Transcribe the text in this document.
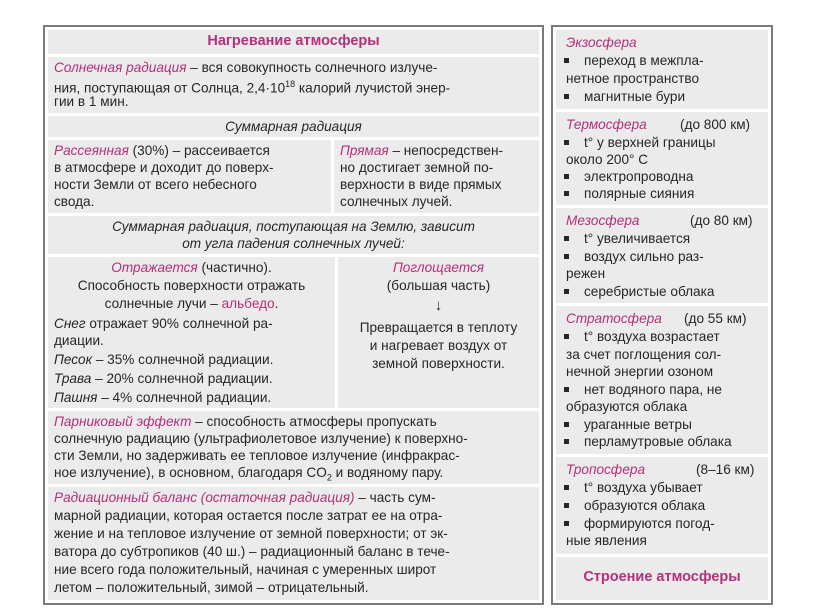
Нагревание атмосферы
Солнечная радиация – вся совокупность солнечного излуче-
ния, поступающая от Солнца, $2,4\cdot 10^{18}$ калорий лучистой энер-
гии в 1 мин.
Суммарная радиация
Рассеянная (30%) – рассеивается
в атмосфере и доходит до поверх-
ности Земли от всего небесного
свода.
Прямая – непосредствен-
но достигает земной по-
верхности в виде прямых
солнечных лучей.
Суммарная радиация, поступающая на Землю, зависит
от угла падения солнечных лучей:
Отражается (частично).
Способность поверхности отражать
солнечные лучи – альбедо.
Снег отражает 90% солнечной ра-
диации.
Песок – 35% солнечной радиации.
Трава – 20% солнечной радиации.
Пашня – 4% солнечной радиации.
Поглощается
(большая часть)
↓
Превращается в теплоту
и нагревает воздух от
земной поверхности.
Парниковый эффект – способность атмосферы пропускать
солнечную радиацию (ультрафиолетовое излучение) к поверхно-
сти Земли, но задерживать ее тепловое излучение (инфракрас-
ное излучение), в основном, благодаря $CO_2$ и водяному пару.
Радиационный баланс (остаточная радиация) – часть сум-
марной радиации, которая остается после затрат ее на отра-
жение и на тепловое излучение от земной поверхности; от эк-
ватора до субтропиков (40 ш.) – радиационный баланс в тече-
ние всего года положительный, начиная с умеренных широт
летом – положительный, зимой – отрицательный.
Экзосфера
переход в межпла-
нетное пространство
магнитные бури
Термосфера (до 800 км)
t° у верхней границы
около 200° С
электропроводна
полярные сияния
Мезосфера	(до 80 км)
t° увеличивается
воздух сильно раз-
режен
серебристые облака
Стратосфера (до 55 км)
t° воздуха возрастает
за счет поглощения сол-
нечной энергии озоном
нет водяного пара, не
образуются облака
ураганные ветры
перламутровые облака
Тропосфера	(8–16 км)
t° воздуха убывает
образуются облака
формируются погод-
ные явления
Строение атмосферы
